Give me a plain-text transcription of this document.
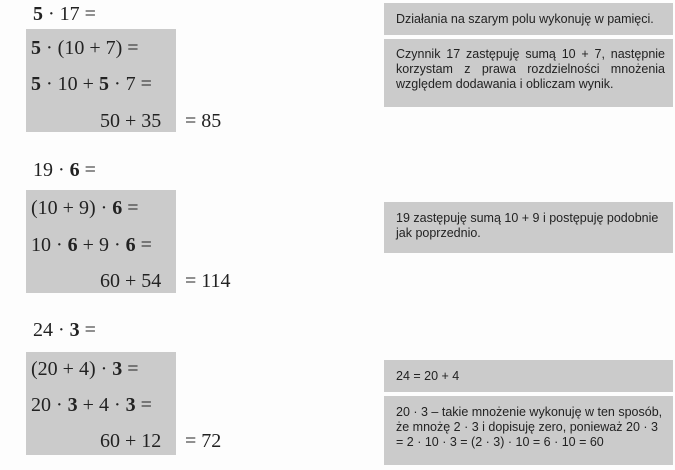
5 · 17 =
5 · (10 + 7) =
5 · 10 + 5 · 7 =
50 + 35 = 85
19 · 6 =
(10 + 9) · 6 =
10 · 6 + 9 · 6 =
60 + 54 = 114
24 · 3 =
(20 + 4) · 3 =
20 · 3 + 4 · 3 =
60 + 12 = 72
Działania na szarym polu wykonuję w pamięci.
Czynnik 17 zastępuję sumą 10 + 7, następnie korzystam z prawa rozdzielności mnożenia względem dodawania i obliczam wynik.
19 zastępuję sumą 10 + 9 i postępuję podobnie jak poprzednio.
24 = 20 + 4
20 · 3 – takie mnożenie wykonuję w ten sposób, że mnożę 2 · 3 i dopisuję zero, ponieważ 20 · 3 = 2 · 10 · 3 = (2 · 3) · 10 = 6 · 10 = 60
